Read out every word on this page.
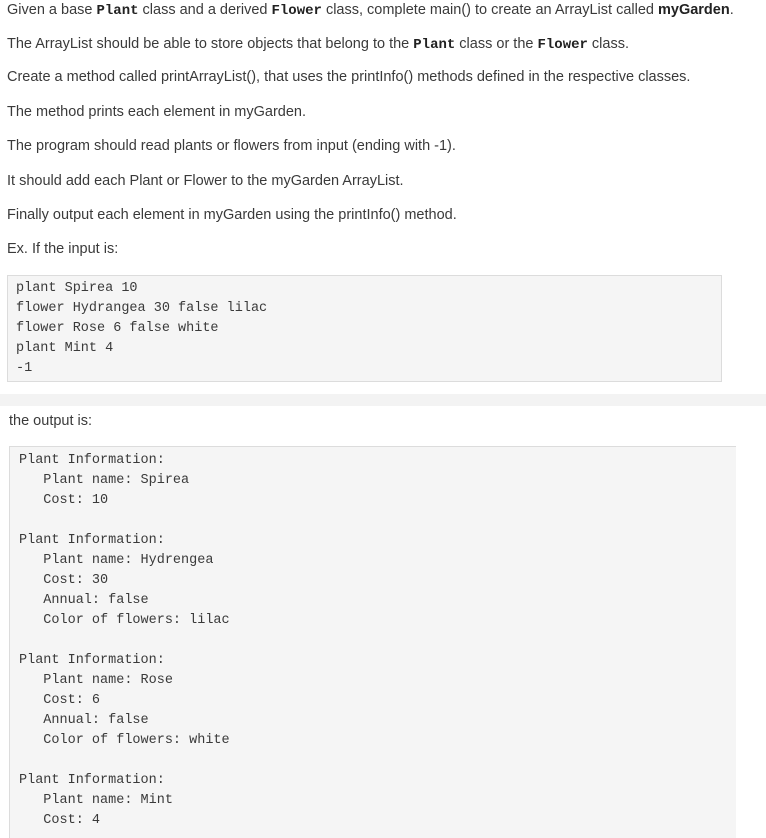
Given a base Plant class and a derived Flower class, complete main() to create an ArrayList called myGarden.
The ArrayList should be able to store objects that belong to the Plant class or the Flower class.
Create a method called printArrayList(), that uses the printInfo() methods defined in the respective classes.
The method prints each element in myGarden.
The program should read plants or flowers from input (ending with -1).
It should add each Plant or Flower to the myGarden ArrayList.
Finally output each element in myGarden using the printInfo() method.
Ex. If the input is:
plant Spirea 10
flower Hydrangea 30 false lilac
flower Rose 6 false white
plant Mint 4
-1
the output is:
Plant Information:
Plant name: Spirea
Cost: 10
Plant Information:
Plant name: Hydrengea
Cost: 30
Annual: false
Color of flowers: lilac
Plant Information:
Plant name: Rose
Cost: 6
Annual: false
Color of flowers: white
Plant Information:
Plant name: Mint
Cost: 4
